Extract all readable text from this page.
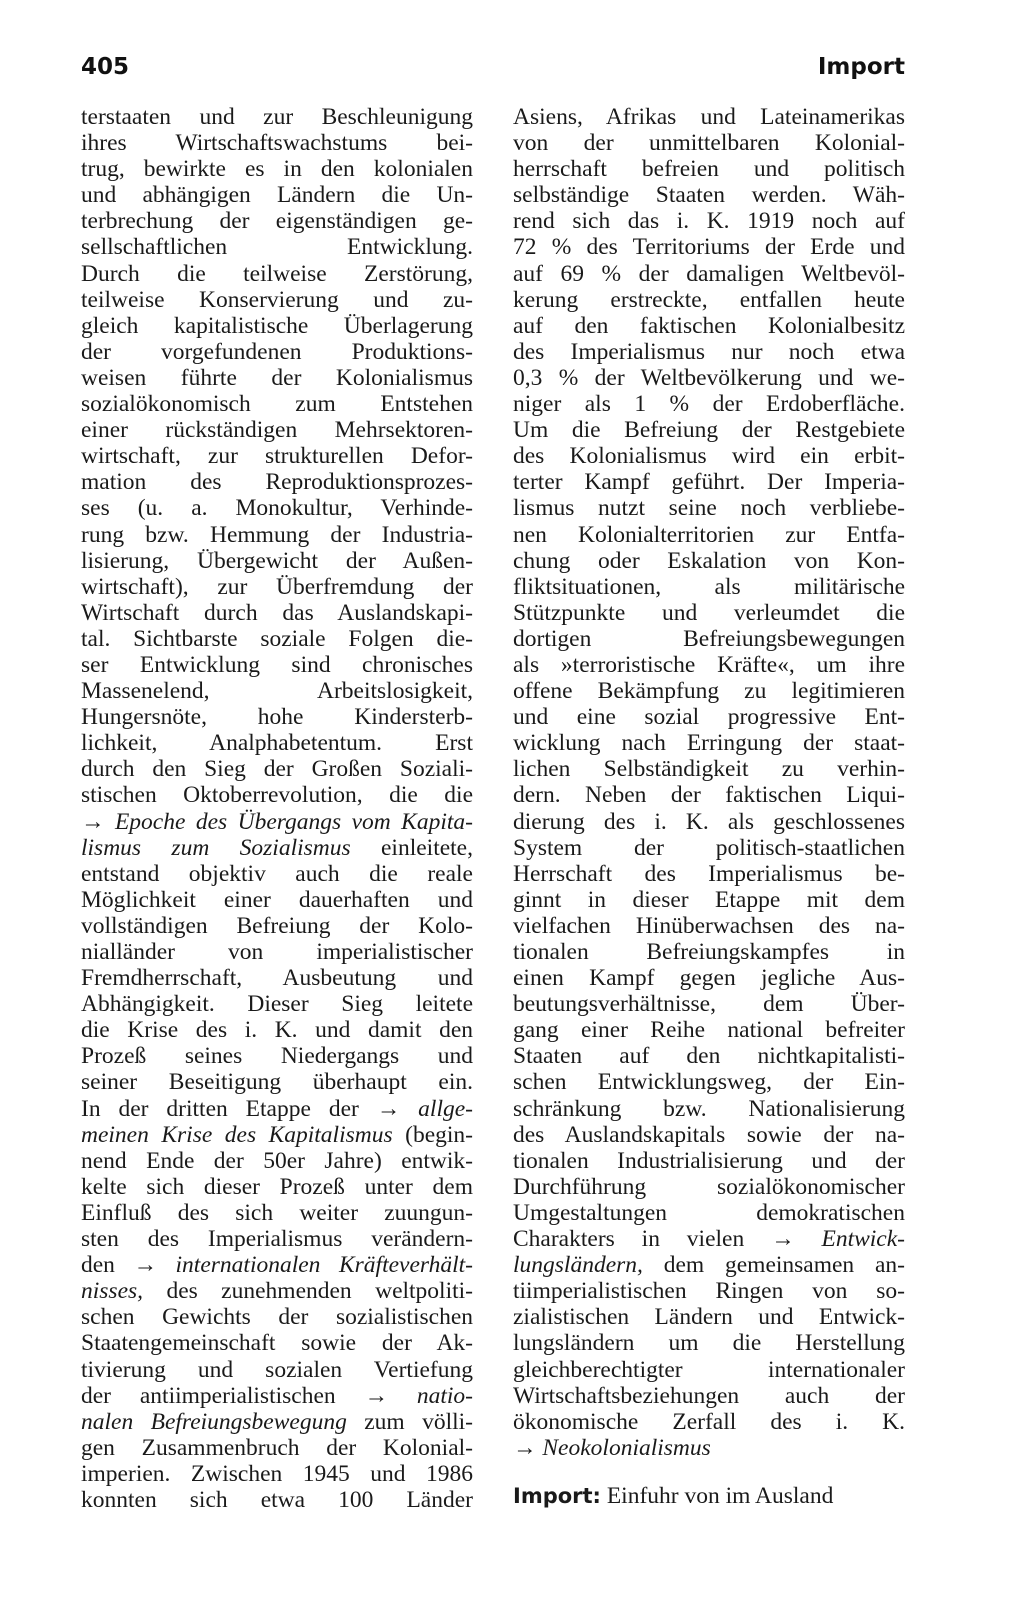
405	Import
terstaaten und zur Beschleunigung
ihres Wirtschaftswachstums bei-
trug, bewirkte es in den kolonialen
und abhängigen Ländern die Un-
terbrechung der eigenständigen ge-
sellschaftlichen Entwicklung.
Durch die teilweise Zerstörung,
teilweise Konservierung und zu-
gleich kapitalistische Überlagerung
der vorgefundenen Produktions-
weisen führte der Kolonialismus
sozialökonomisch zum Entstehen
einer rückständigen Mehrsektoren-
wirtschaft, zur strukturellen Defor-
mation des Reproduktionsprozes-
ses (u. a. Monokultur, Verhinde-
rung bzw. Hemmung der Industria-
lisierung, Übergewicht der Außen-
wirtschaft), zur Überfremdung der
Wirtschaft durch das Auslandskapi-
tal. Sichtbarste soziale Folgen die-
ser Entwicklung sind chronisches
Massenelend, Arbeitslosigkeit,
Hungersnöte, hohe Kindersterb-
lichkeit, Analphabetentum. Erst
durch den Sieg der Großen Soziali-
stischen Oktoberrevolution, die die
→ Epoche des Übergangs vom Kapita-
lismus zum Sozialismus einleitete,
entstand objektiv auch die reale
Möglichkeit einer dauerhaften und
vollständigen Befreiung der Kolo-
nialländer von imperialistischer
Fremdherrschaft, Ausbeutung und
Abhängigkeit. Dieser Sieg leitete
die Krise des i. K. und damit den
Prozeß seines Niedergangs und
seiner Beseitigung überhaupt ein.
In der dritten Etappe der → allge-
meinen Krise des Kapitalismus (begin-
nend Ende der 50er Jahre) entwik-
kelte sich dieser Prozeß unter dem
Einfluß des sich weiter zuungun-
sten des Imperialismus verändern-
den → internationalen Kräfteverhält-
nisses, des zunehmenden weltpoliti-
schen Gewichts der sozialistischen
Staatengemeinschaft sowie der Ak-
tivierung und sozialen Vertiefung
der antiimperialistischen → natio-
nalen Befreiungsbewegung zum völli-
gen Zusammenbruch der Kolonial-
imperien. Zwischen 1945 und 1986
konnten sich etwa 100 Länder
Asiens, Afrikas und Lateinamerikas
von der unmittelbaren Kolonial-
herrschaft befreien und politisch
selbständige Staaten werden. Wäh-
rend sich das i. K. 1919 noch auf
72 % des Territoriums der Erde und
auf 69 % der damaligen Weltbevöl-
kerung erstreckte, entfallen heute
auf den faktischen Kolonialbesitz
des Imperialismus nur noch etwa
0,3 % der Weltbevölkerung und we-
niger als 1 % der Erdoberfläche.
Um die Befreiung der Restgebiete
des Kolonialismus wird ein erbit-
terter Kampf geführt. Der Imperia-
lismus nutzt seine noch verbliebe-
nen Kolonialterritorien zur Entfa-
chung oder Eskalation von Kon-
fliktsituationen, als militärische
Stützpunkte und verleumdet die
dortigen Befreiungsbewegungen
als »terroristische Kräfte«, um ihre
offene Bekämpfung zu legitimieren
und eine sozial progressive Ent-
wicklung nach Erringung der staat-
lichen Selbständigkeit zu verhin-
dern. Neben der faktischen Liqui-
dierung des i. K. als geschlossenes
System der politisch-staatlichen
Herrschaft des Imperialismus be-
ginnt in dieser Etappe mit dem
vielfachen Hinüberwachsen des na-
tionalen Befreiungskampfes in
einen Kampf gegen jegliche Aus-
beutungsverhältnisse, dem Über-
gang einer Reihe national befreiter
Staaten auf den nichtkapitalisti-
schen Entwicklungsweg, der Ein-
schränkung bzw. Nationalisierung
des Auslandskapitals sowie der na-
tionalen Industrialisierung und der
Durchführung sozialökonomischer
Umgestaltungen demokratischen
Charakters in vielen → Entwick-
lungsländern, dem gemeinsamen an-
tiimperialistischen Ringen von so-
zialistischen Ländern und Entwick-
lungsländern um die Herstellung
gleichberechtigter internationaler
Wirtschaftsbeziehungen auch der
ökonomische Zerfall des i. K.
→ Neokolonialismus
Import: Einfuhr von im Ausland
